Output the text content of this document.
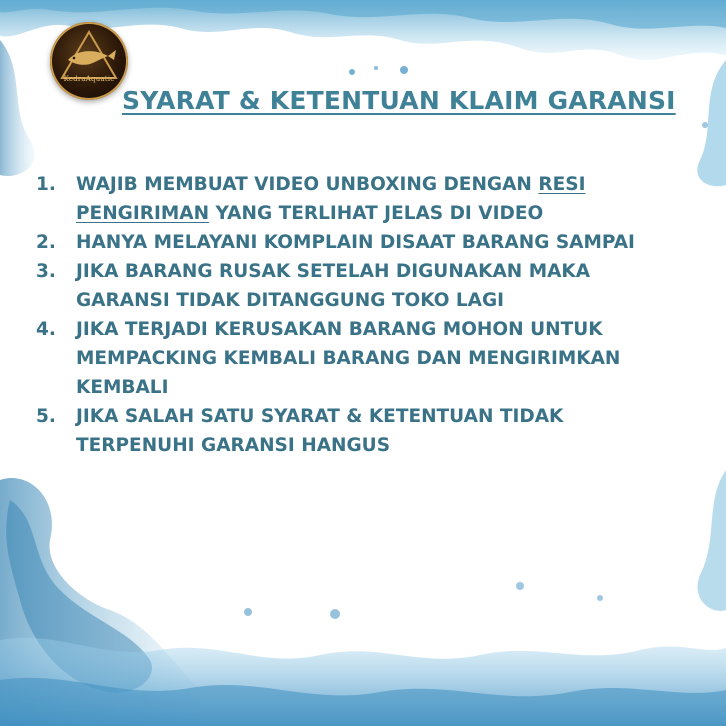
KedraAquatic
SYARAT & KETENTUAN KLAIM GARANSI
1. WAJIB MEMBUAT VIDEO UNBOXING DENGAN RESI PENGIRIMAN YANG TERLIHAT JELAS DI VIDEO
2. HANYA MELAYANI KOMPLAIN DISAAT BARANG SAMPAI
3. JIKA BARANG RUSAK SETELAH DIGUNAKAN MAKA GARANSI TIDAK DITANGGUNG TOKO LAGI
4. JIKA TERJADI KERUSAKAN BARANG MOHON UNTUK MEMPACKING KEMBALI BARANG DAN MENGIRIMKAN KEMBALI
5. JIKA SALAH SATU SYARAT & KETENTUAN TIDAK TERPENUHI GARANSI HANGUS
